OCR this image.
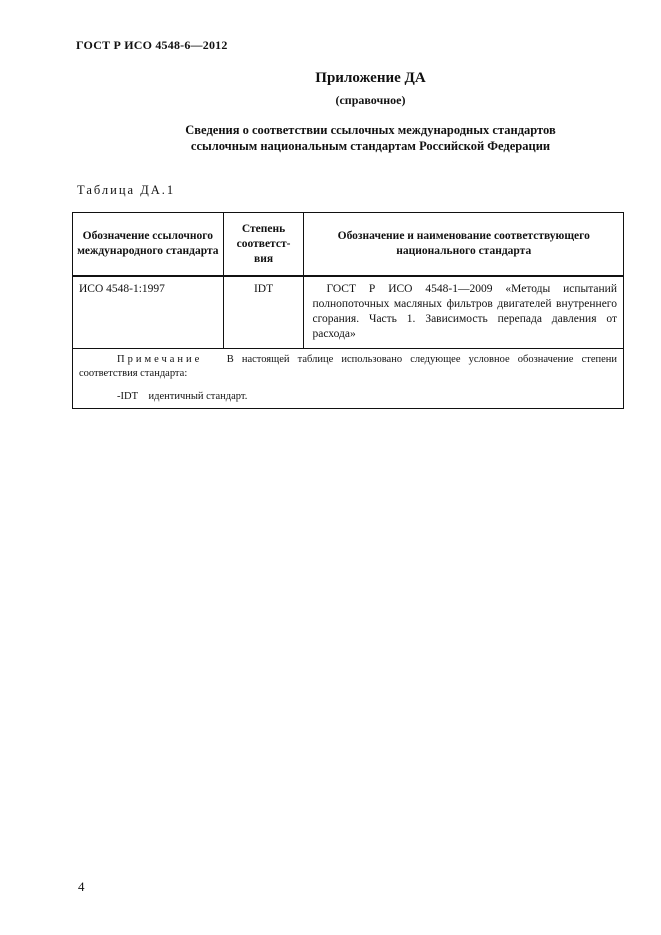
ГОСТ Р ИСО 4548-6—2012
Приложение ДА
(справочное)
Сведения о соответствии ссылочных международных стандартов
ссылочным национальным стандартам Российской Федерации
Таблица ДА.1
Обозначение ссылочного международного стандарта	Степень соответст-вия	Обозначение и наименование соответствующего национального стандарта

ИСО 4548-1:1997	IDT	ГОСТ Р ИСО 4548-1—2009 «Методы испытаний полнопоточных масляных фильтров двигателей внутреннего сгорания. Часть 1. Зависимость перепада давления от расхода»

Примечание В настоящей таблице использовано следующее условное обозначение степени соответствия стандарта:
-IDT идентичный стандарт.		
4
